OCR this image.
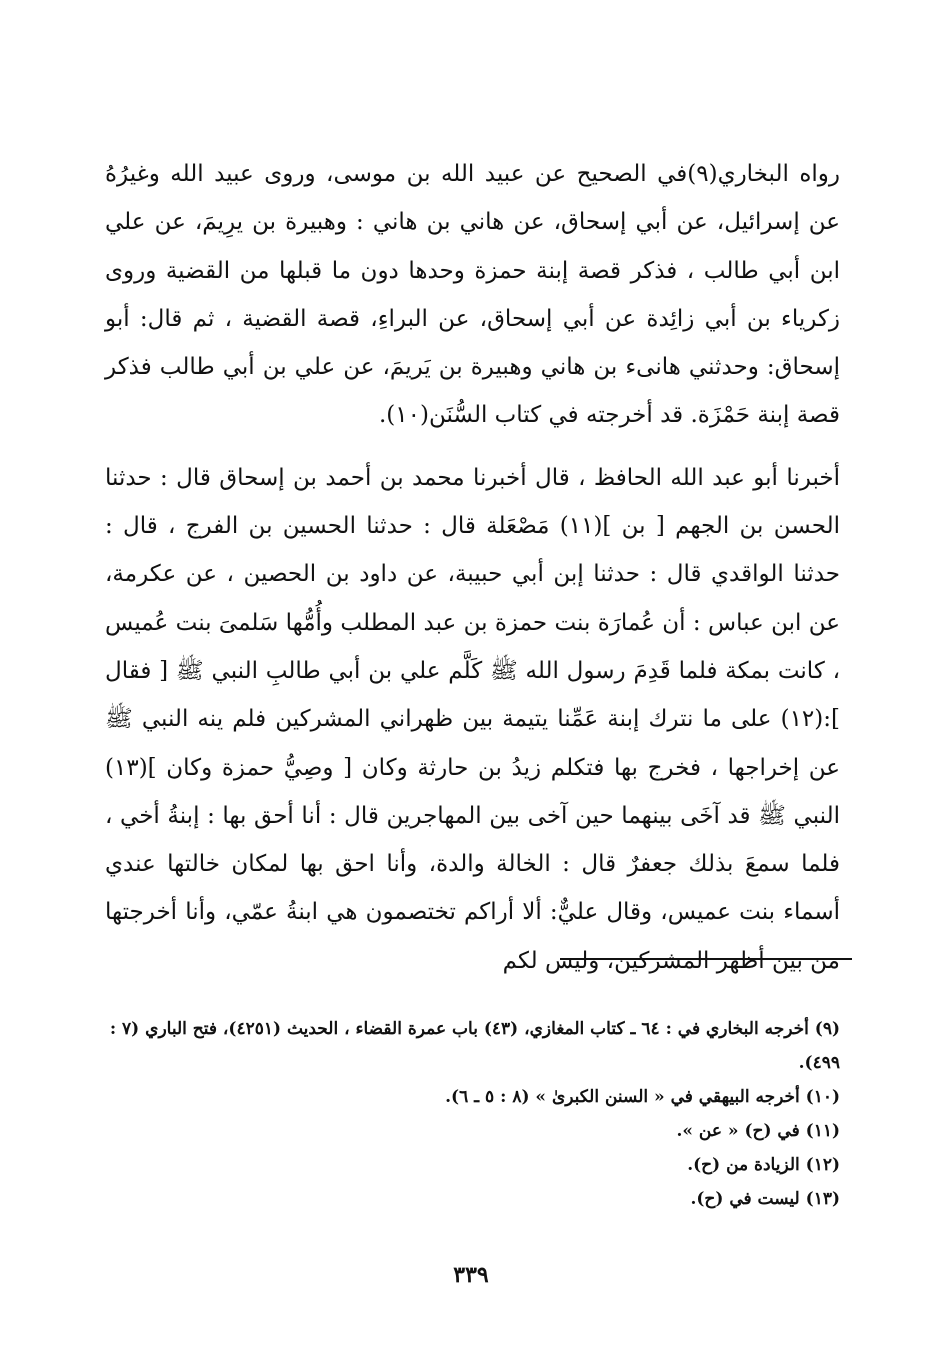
رواه البخاري(٩)في الصحيح عن عبيد الله بن موسى، وروى عبيد الله وغيرُهُ عن إسرائيل، عن أبي إسحاق، عن هاني بن هاني : وهبيرة بن يرِيمَ، عن علي ابن أبي طالب ، فذكر قصة إبنة حمزة وحدها دون ما قبلها من القضية وروى زكرياء بن أبي زائِدة عن أبي إسحاق، عن البراءِ، قصة القضية ، ثم قال: أبو إسحاق: وحدثني هانىء بن هاني وهبيرة بن يَريمَ، عن علي بن أبي طالب فذكر قصة إبنة حَمْزَة. قد أخرجته في كتاب السُّنَن(١٠).

أخبرنا أبو عبد الله الحافظ ، قال أخبرنا محمد بن أحمد بن إسحاق قال : حدثنا الحسن بن الجهم [ بن ](١١) مَصْعَلة قال : حدثنا الحسين بن الفرج ، قال : حدثنا الواقدي قال : حدثنا إبن أبي حبيبة، عن داود بن الحصين ، عن عكرمة، عن ابن عباس : أن عُمارَة بنت حمزة بن عبد المطلب وأُمُّها سَلمىَ بنت عُميس ، كانت بمكة فلما قَدِمَ رسول الله ﷺ كَلَّم علي بن أبي طالبِ النبي ﷺ [ فقال ]:(١٢) على ما نترك إبنة عَمِّنا يتيمة بين ظهراني المشركين فلم ينه النبي ﷺ عن إخراجها ، فخرج بها فتكلم زيدُ بن حارثة وكان [ وصِيُّ حمزة وكان ](١٣) النبي ﷺ قد آخَى بينهما حين آخى بين المهاجرين قال : أنا أحق بها : إبنةُ أخي ، فلما سمعَ بذلك جعفرٌ قال : الخالة والدة، وأنا احق بها لمكان خالتها عندي أسماء بنت عميس، وقال عليٌّ: ألا أراكم تختصمون هي ابنةُ عمّي، وأنا أخرجتها من بين أظهر المشركين، وليس لكم

(٩) أخرجه البخاري في : ٦٤ ـ كتاب المغازي، (٤٣) باب عمرة القضاء ، الحديث (٤٢٥١)، فتح الباري (٧ : ٤٩٩).

(١٠) أخرجه البيهقي في « السنن الكبرىٰ » (٨ : ٥ ـ ٦).

(١١) في (ح) « عن ».

(١٢) الزيادة من (ح).

(١٣) ليست في (ح).

٣٣٩
